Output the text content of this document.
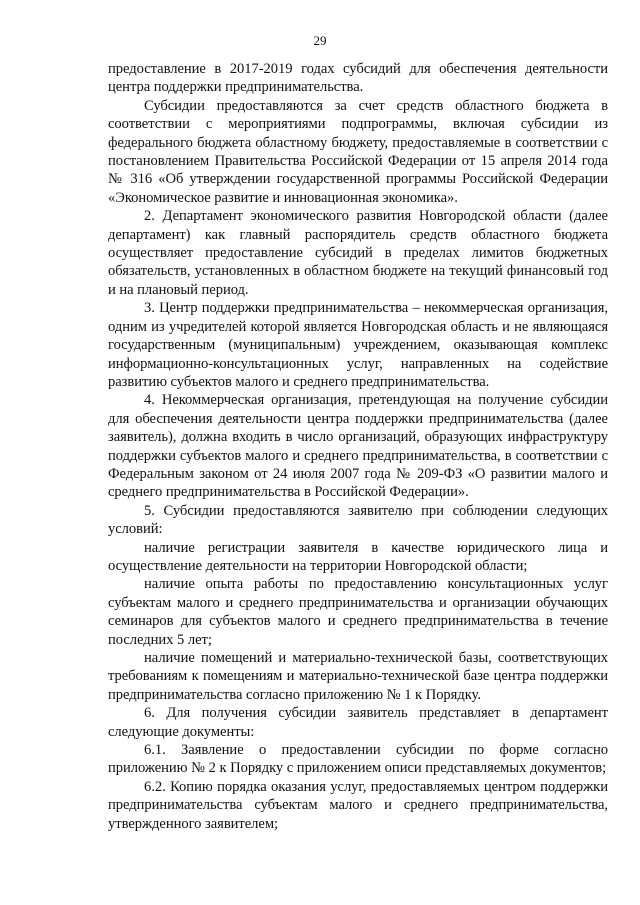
29

предоставление в 2017-2019 годах субсидий для обеспечения деятельности центра поддержки предпринимательства.

Субсидии предоставляются за счет средств областного бюджета в соответствии с мероприятиями подпрограммы, включая субсидии из федерального бюджета областному бюджету, предоставляемые в соответствии с постановлением Правительства Российской Федерации от 15 апреля 2014 года № 316 «Об утверждении государственной программы Российской Федерации «Экономическое развитие и инновационная экономика».

2. Департамент экономического развития Новгородской области (далее департамент) как главный распорядитель средств областного бюджета осуществляет предоставление субсидий в пределах лимитов бюджетных обязательств, установленных в областном бюджете на текущий финансовый год и на плановый период.

3. Центр поддержки предпринимательства – некоммерческая организация, одним из учредителей которой является Новгородская область и не являющаяся государственным (муниципальным) учреждением, оказывающая комплекс информационно-консультационных услуг, направленных на содействие развитию субъектов малого и среднего предпринимательства.

4. Некоммерческая организация, претендующая на получение субсидии для обеспечения деятельности центра поддержки предпринимательства (далее заявитель), должна входить в число организаций, образующих инфраструктуру поддержки субъектов малого и среднего предпринимательства, в соответствии с Федеральным законом от 24 июля 2007 года № 209-ФЗ «О развитии малого и среднего предпринимательства в Российской Федерации».

5. Субсидии предоставляются заявителю при соблюдении следующих условий:

наличие регистрации заявителя в качестве юридического лица и осуществление деятельности на территории Новгородской области;

наличие опыта работы по предоставлению консультационных услуг субъектам малого и среднего предпринимательства и организации обучающих семинаров для субъектов малого и среднего предпринимательства в течение последних 5 лет;

наличие помещений и материально-технической базы, соответствующих требованиям к помещениям и материально-технической базе центра поддержки предпринимательства согласно приложению № 1 к Порядку.

6. Для получения субсидии заявитель представляет в департамент следующие документы:

6.1. Заявление о предоставлении субсидии по форме согласно приложению № 2 к Порядку с приложением описи представляемых документов;

6.2. Копию порядка оказания услуг, предоставляемых центром поддержки предпринимательства субъектам малого и среднего предпринимательства, утвержденного заявителем;
